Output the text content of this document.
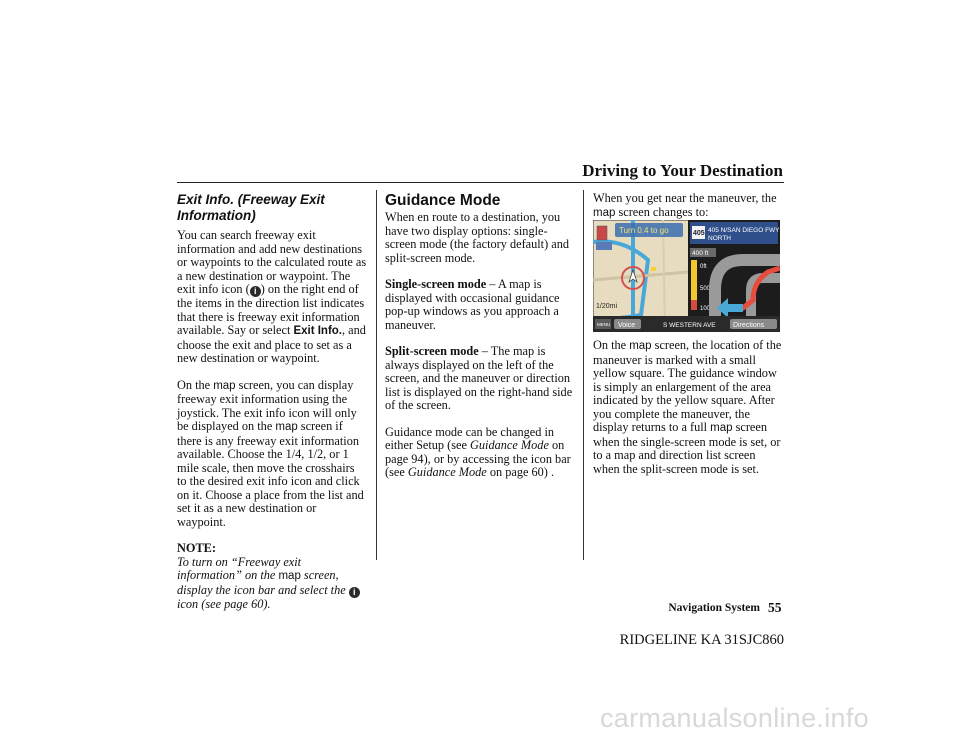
Driving to Your Destination
Exit Info. (Freeway Exit Information)

You can search freeway exit information and add new destinations or waypoints to the calculated route as a new destination or waypoint. The exit info icon ( i ) on the right end of the items in the direction list indicates that there is freeway exit information available. Say or select Exit Info., and choose the exit and place to set as a new destination or waypoint.

On the map screen, you can display freeway exit information using the joystick. The exit info icon will only be displayed on the map screen if there is any freeway exit information available. Choose the 1/4, 1/2, or 1 mile scale, then move the crosshairs to the desired exit info icon and click on it. Choose a place from the list and set it as a new destination or waypoint.

NOTE:
To turn on “Freeway exit information” on the map screen, display the icon bar and select the i icon (see page 60).
Guidance Mode

When en route to a destination, you have two display options: single-screen mode (the factory default) and split-screen mode.

Single-screen mode – A map is displayed with occasional guidance pop-up windows as you approach a maneuver.

Split-screen mode – The map is always displayed on the left of the screen, and the maneuver or direction list is displayed on the right-hand side of the screen.

Guidance mode can be changed in either Setup (see Guidance Mode on page 94), or by accessing the icon bar
(see Guidance Mode on page 60) .

When you get near the maneuver, the map screen changes to:

Turn 0.4 to go
1/20mi
405 405 N/SAN DIEGO FWY
NORTH
400 ft
0ft
500
1000
MENU Voice	S WESTERN AVE Directions

On the map screen, the location of the maneuver is marked with a small yellow square. The guidance window is simply an enlargement of the area indicated by the yellow square. After you complete the maneuver, the display returns to a full map screen when the single-screen mode is set, or to a map and direction list screen when the split-screen mode is set.

Navigation System 55
RIDGELINE KA 31SJC860
carmanualsonline.info
